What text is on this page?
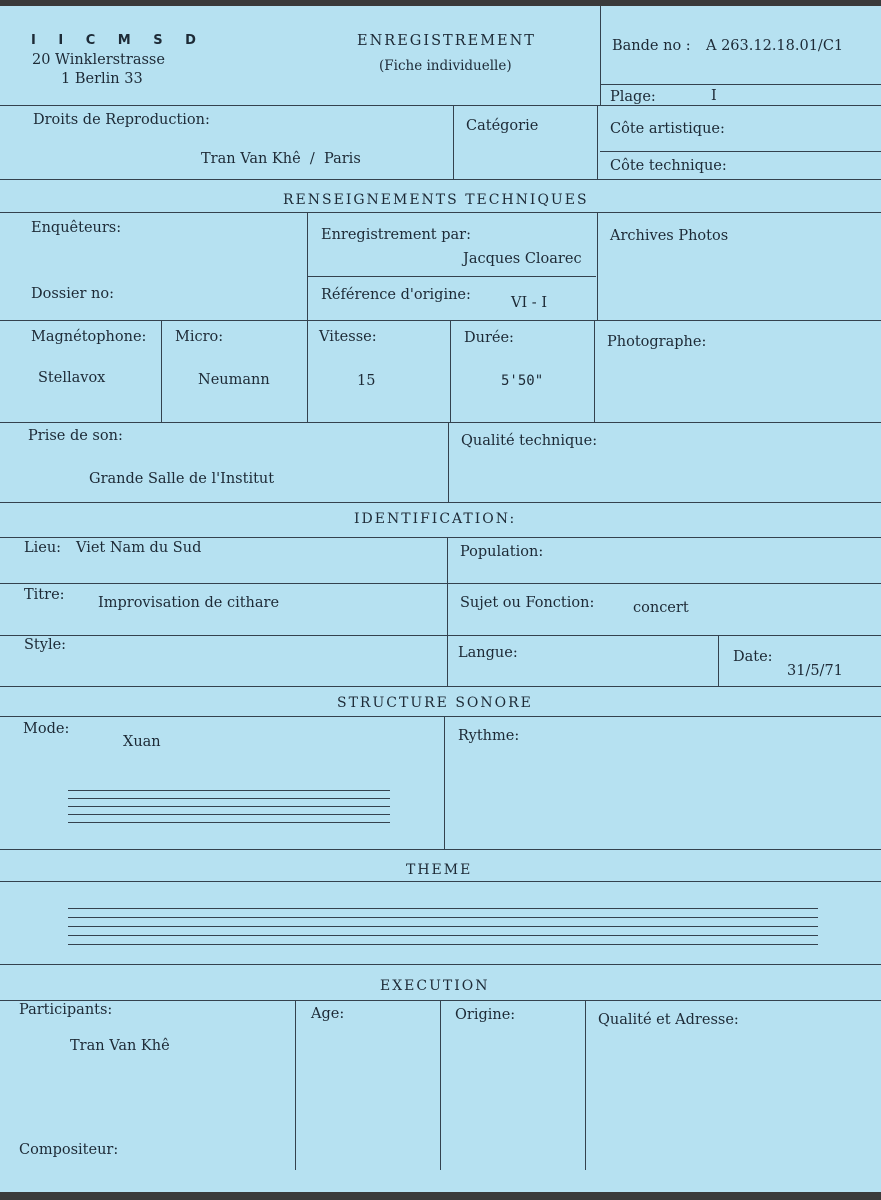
I I C M S D
20 Winklerstrasse
1 Berlin 33
ENREGISTREMENT
(Fiche individuelle)
Bande no : A 263.12.18.01/C1
Plage:	I
Droits de Reproduction:
Tran Van Khê  /  Paris
Catégorie	Côte artistique:
Côte technique:
RENSEIGNEMENTS TECHNIQUES
Enquêteurs:	Enregistrement par:
Jacques Cloarec
Archives Photos
Dossier no:	Référence d'origine:	VI - I
Magnétophone:
Stellavox
Micro:
Neumann
Vitesse:
15
Durée:
5'50"
Photographe:
Prise de son:
Grande Salle de l'Institut
Qualité technique:
IDENTIFICATION:
Lieu: Viet Nam du Sud	Population:
Titre: Improvisation de cithare	Sujet ou Fonction:	concert
Style:	Langue:	Date:
31/5/71
STRUCTURE SONORE
Mode:
Xuan	Rythme:
THEME
EXECUTION
Participants:
Tran Van Khê
Age:	Origine:	Qualité et Adresse:
Compositeur:
